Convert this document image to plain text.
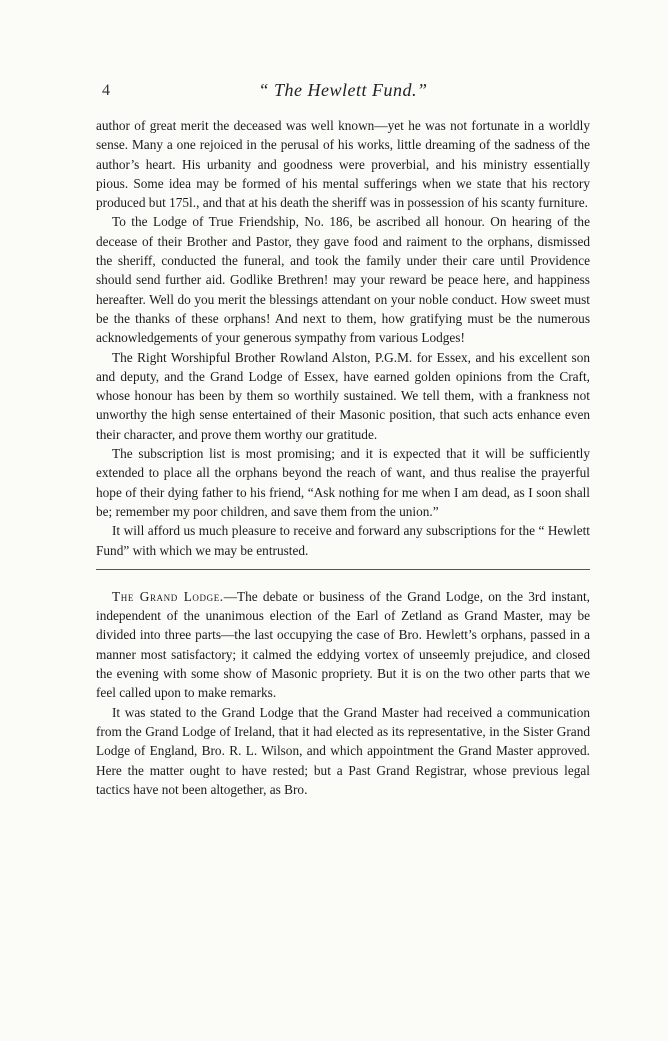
4	“ The Hewlett Fund.”

author of great merit the deceased was well known—yet he was not fortunate in a worldly sense. Many a one rejoiced in the perusal of his works, little dreaming of the sadness of the author’s heart. His urbanity and goodness were proverbial, and his ministry essentially pious. Some idea may be formed of his mental sufferings when we state that his rectory produced but 175l., and that at his death the sheriff was in possession of his scanty furniture.

To the Lodge of True Friendship, No. 186, be ascribed all honour. On hearing of the decease of their Brother and Pastor, they gave food and raiment to the orphans, dismissed the sheriff, conducted the funeral, and took the family under their care until Providence should send further aid. Godlike Brethren! may your reward be peace here, and happiness hereafter. Well do you merit the blessings attendant on your noble conduct. How sweet must be the thanks of these orphans! And next to them, how gratifying must be the numerous acknowledgements of your generous sympathy from various Lodges!

The Right Worshipful Brother Rowland Alston, P.G.M. for Essex, and his excellent son and deputy, and the Grand Lodge of Essex, have earned golden opinions from the Craft, whose honour has been by them so worthily sustained. We tell them, with a frankness not unworthy the high sense entertained of their Masonic position, that such acts enhance even their character, and prove them worthy our gratitude.

The subscription list is most promising; and it is expected that it will be sufficiently extended to place all the orphans beyond the reach of want, and thus realise the prayerful hope of their dying father to his friend, “Ask nothing for me when I am dead, as I soon shall be; remember my poor children, and save them from the union.”

It will afford us much pleasure to receive and forward any subscriptions for the “ Hewlett Fund” with which we may be entrusted.

The Grand Lodge.—The debate or business of the Grand Lodge, on the 3rd instant, independent of the unanimous election of the Earl of Zetland as Grand Master, may be divided into three parts—the last occupying the case of Bro. Hewlett’s orphans, passed in a manner most satisfactory; it calmed the eddying vortex of unseemly prejudice, and closed the evening with some show of Masonic propriety. But it is on the two other parts that we feel called upon to make remarks.

It was stated to the Grand Lodge that the Grand Master had received a communication from the Grand Lodge of Ireland, that it had elected as its representative, in the Sister Grand Lodge of England, Bro. R. L. Wilson, and which appointment the Grand Master approved. Here the matter ought to have rested; but a Past Grand Registrar, whose previous legal tactics have not been altogether, as Bro.
